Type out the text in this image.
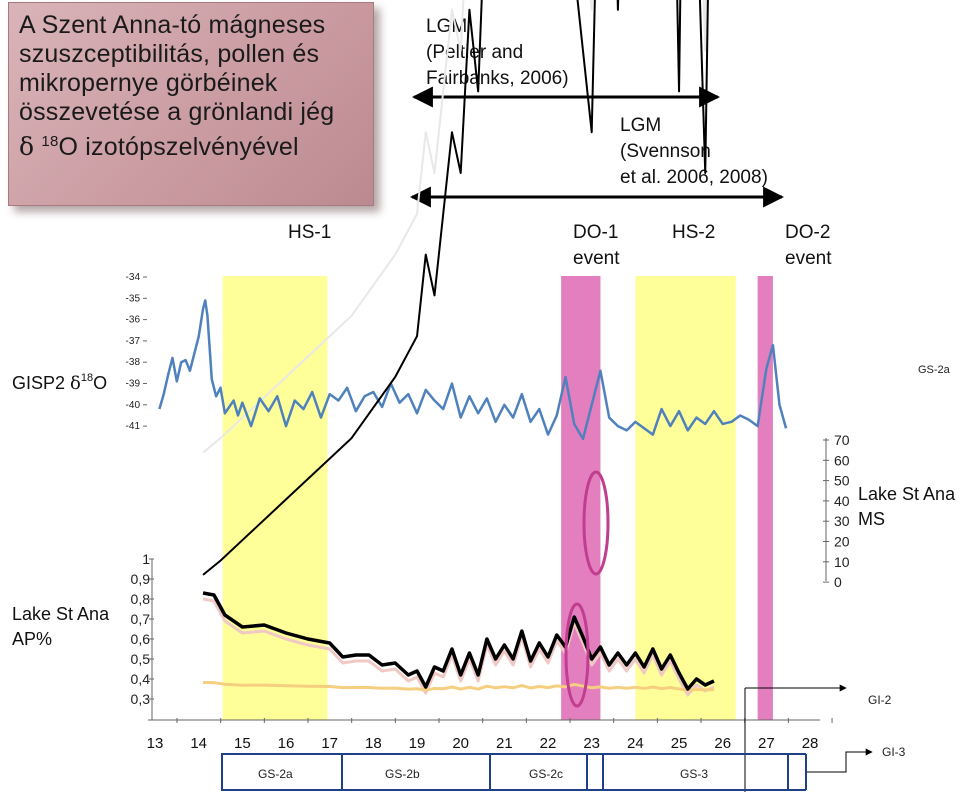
A Szent Anna-tó mágneses
szuszceptibilitás, pollen és
mikropernye görbéinek
összevetése a grönlandi jég
δ $^{18}$O izotópszelvényével
LGM
(Peltier and
Fairbanks, 2006)
LGM
(Svennson
et al. 2006, 2008)
HS-1	DO-1
event
HS-2	DO-2
event
GISP2 $\delta^{18}O$
Lake St Ana
AP%
Lake St Ana
MS
-34
-35
-36
-37
-38
-39
-40
-41
1
0,9
0,8
0,7
0,6
0,5
0,4
0,3
70
60
50
40
30
20
10
0
13 14 15 16 17 18 19 20 21 22 23 24 25 26 27 28
GS-2a
GI-2
GI-3
GS-2a	GS-2b	GS-2c	GS-3
